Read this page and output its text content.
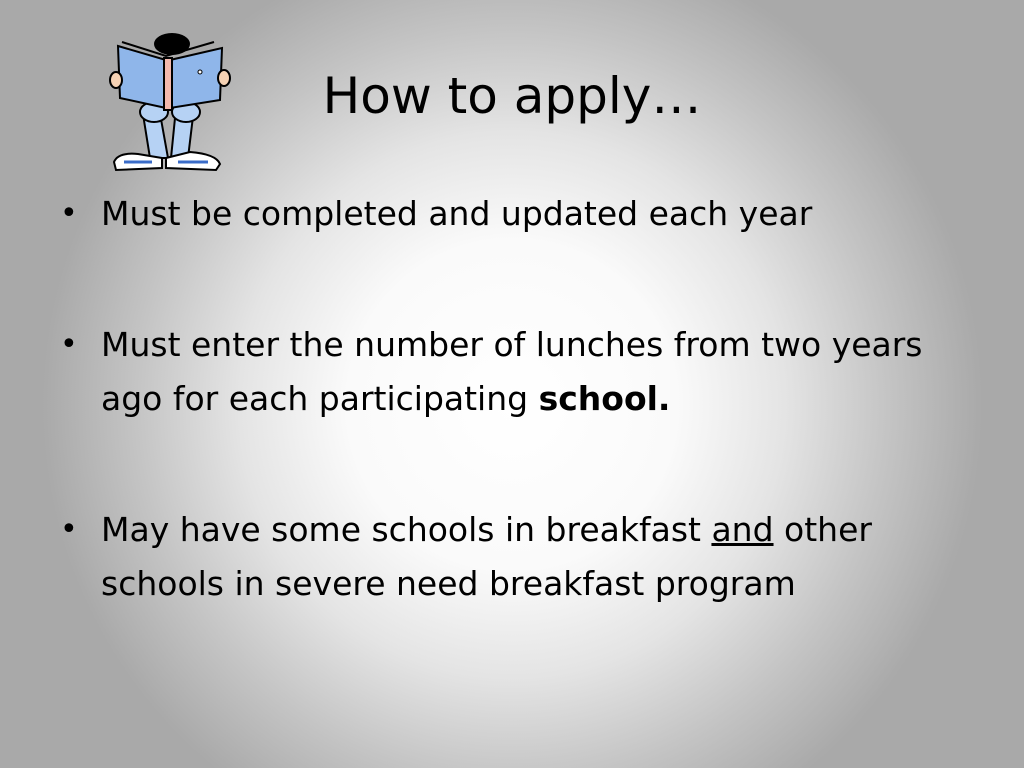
How to apply…
• Must be completed and updated each year
• Must enter the number of lunches from two years ago for each participating school.
• May have some schools in breakfast and other schools in severe need breakfast program
